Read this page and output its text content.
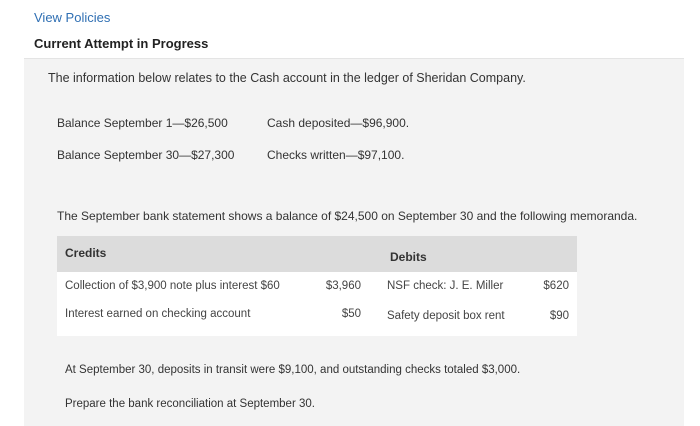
View Policies
Current Attempt in Progress
The information below relates to the Cash account in the ledger of Sheridan Company.
Balance September 1—$26,500	Cash deposited—$96,900.
Balance September 30—$27,300	Checks written—$97,100.
The September bank statement shows a balance of $24,500 on September 30 and the following memoranda.
Credits	Debits
Collection of $3,900 note plus interest $60	$3,960 NSF check: J. E. Miller	$620
Interest earned on checking account	$50 Safety deposit box rent	$90
At September 30, deposits in transit were $9,100, and outstanding checks totaled $3,000.
Prepare the bank reconciliation at September 30.
